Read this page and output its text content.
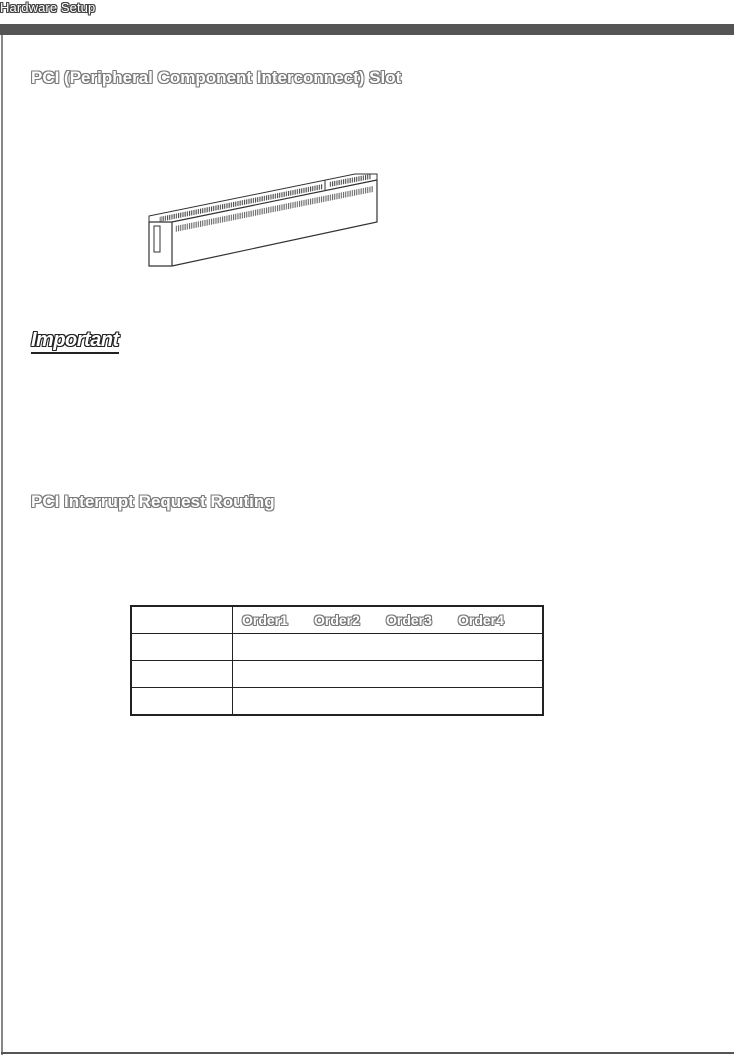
Hardware Setup
PCI (Peripheral Component Interconnect) Slot
Important
PCI Interrupt Request Routing
	Order1 Order2 Order3 Order4
